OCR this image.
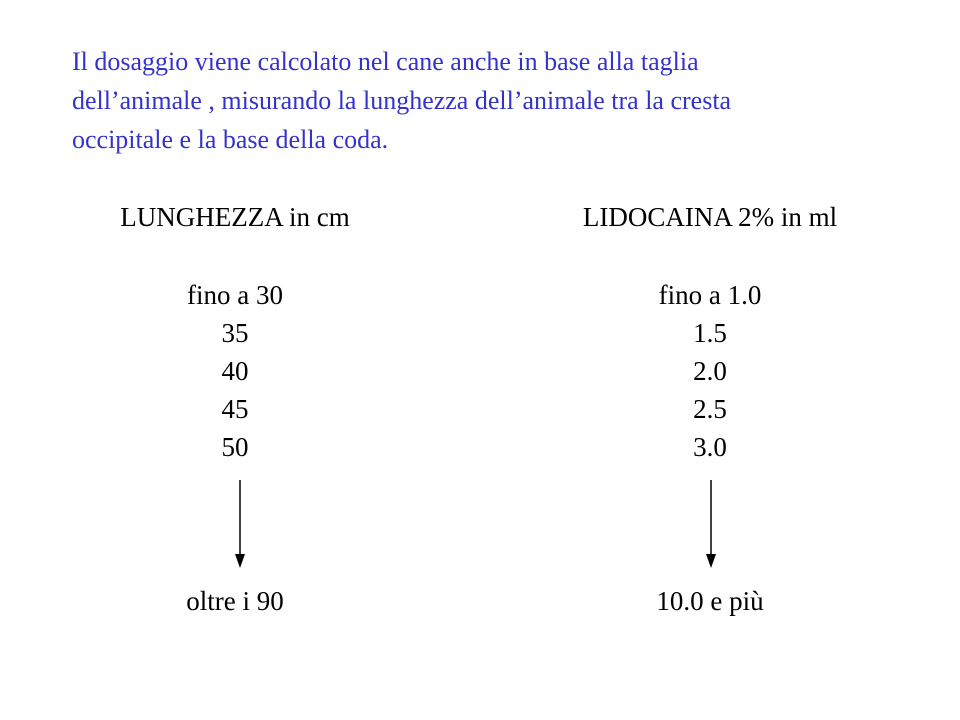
Il dosaggio viene calcolato nel cane anche in base alla taglia
dell’animale , misurando la lunghezza dell’animale tra la cresta
occipitale e la base della coda.
LUNGHEZZA in cm
fino a 30
35
40
45
50
oltre i 90
LIDOCAINA 2% in ml
fino a 1.0
1.5
2.0
2.5
3.0
10.0 e più
